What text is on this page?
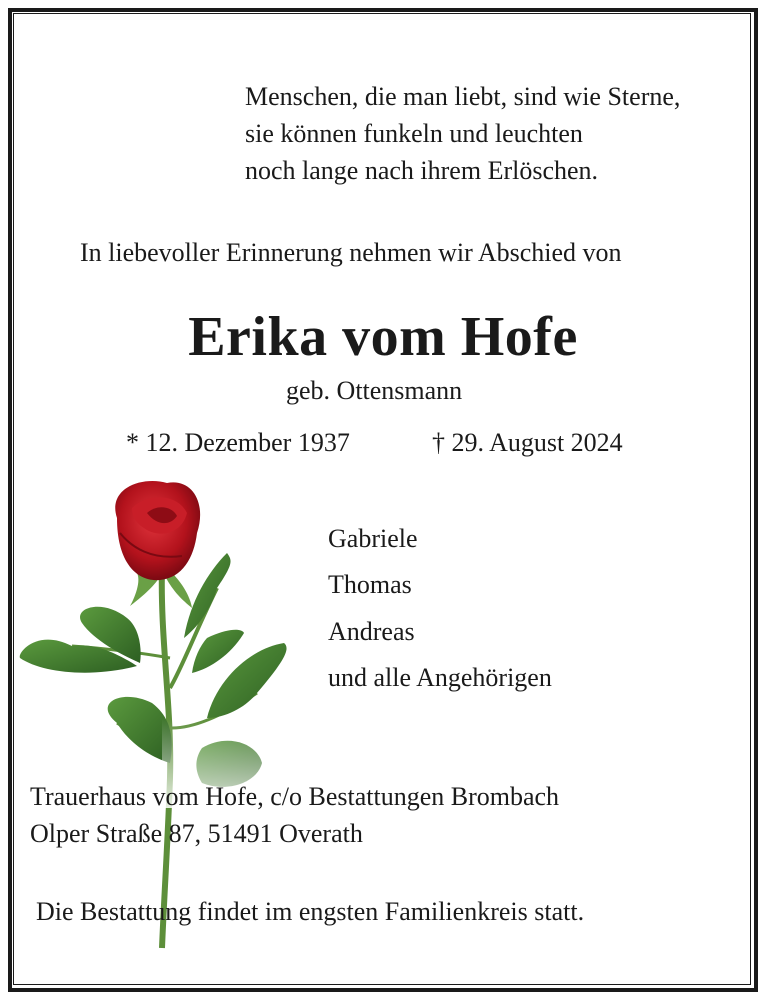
Menschen, die man liebt, sind wie Sterne,
sie können funkeln und leuchten
noch lange nach ihrem Erlöschen.
In liebevoller Erinnerung nehmen wir Abschied von
Erika vom Hofe
geb. Ottensmann
* 12. Dezember 1937	† 29. August 2024
Gabriele
Thomas
Andreas
und alle Angehörigen
Trauerhaus vom Hofe, c/o Bestattungen Brombach
Olper Straße 87, 51491 Overath
Die Bestattung findet im engsten Familienkreis statt.
